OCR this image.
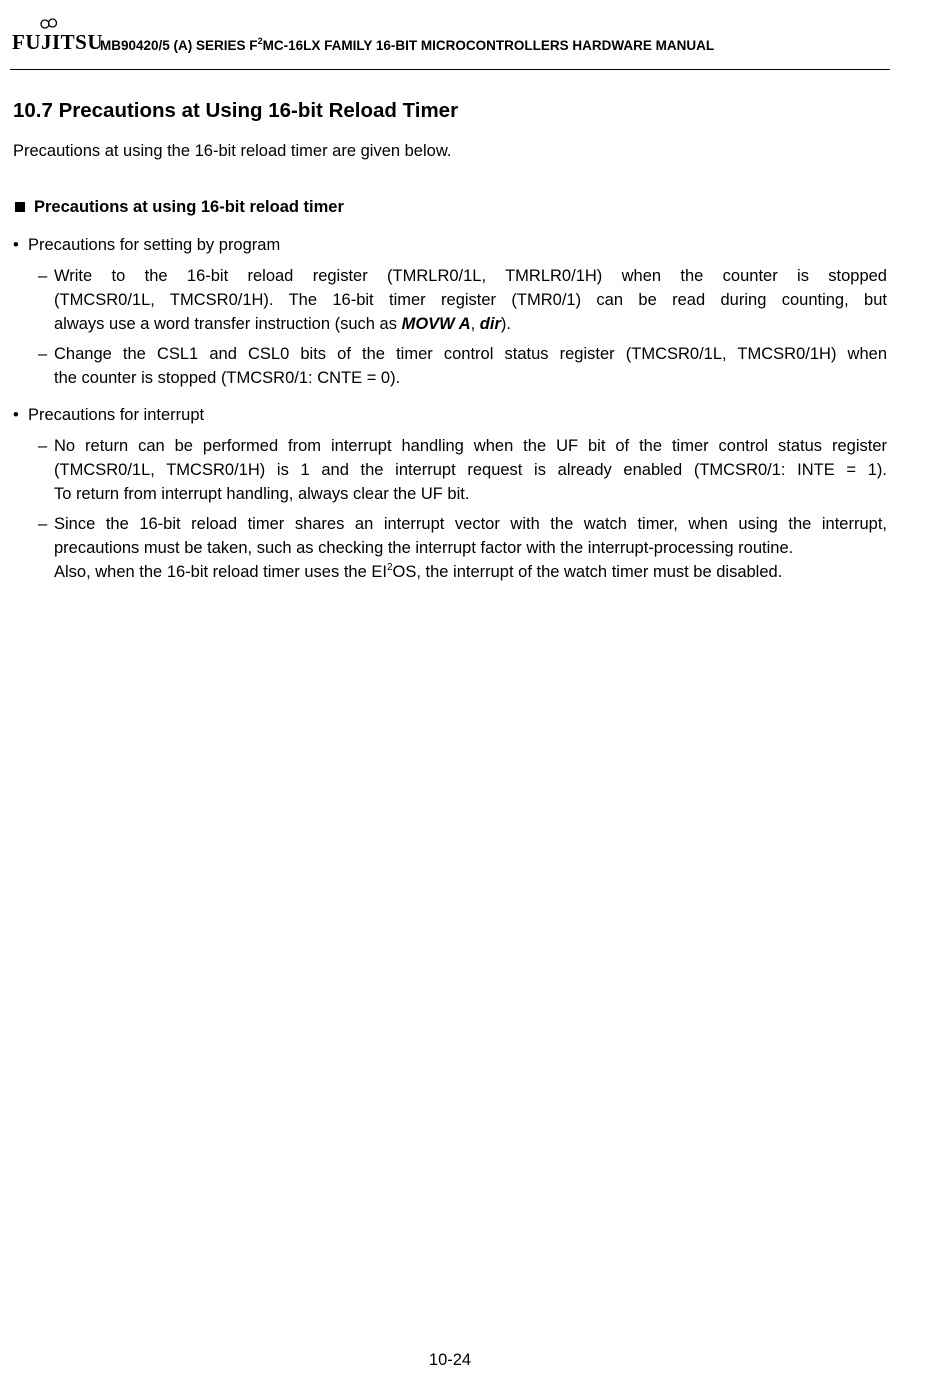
FUJITSU
MB90420/5 (A) SERIES $F^2MC-16LX$ FAMILY 16-BIT MICROCONTROLLERS HARDWARE MANUAL
10.7 Precautions at Using 16-bit Reload Timer
Precautions at using the 16-bit reload timer are given below.
Precautions at using 16-bit reload timer
• Precautions for setting by program
– Write to the 16-bit reload register (TMRLR0/1L, TMRLR0/1H) when the counter is stopped
(TMCSR0/1L, TMCSR0/1H). The 16-bit timer register (TMR0/1) can be read during counting, but
always use a word transfer instruction (such as MOVW A, dir).
– Change the CSL1 and CSL0 bits of the timer control status register (TMCSR0/1L, TMCSR0/1H) when
the counter is stopped (TMCSR0/1: CNTE = 0).
• Precautions for interrupt
– No return can be performed from interrupt handling when the UF bit of the timer control status register
(TMCSR0/1L, TMCSR0/1H) is 1 and the interrupt request is already enabled (TMCSR0/1: INTE = 1).
To return from interrupt handling, always clear the UF bit.
– Since the 16-bit reload timer shares an interrupt vector with the watch timer, when using the interrupt,
precautions must be taken, such as checking the interrupt factor with the interrupt-processing routine.
Also, when the 16-bit reload timer uses the $EI^2OS$, the interrupt of the watch timer must be disabled.
10-24
